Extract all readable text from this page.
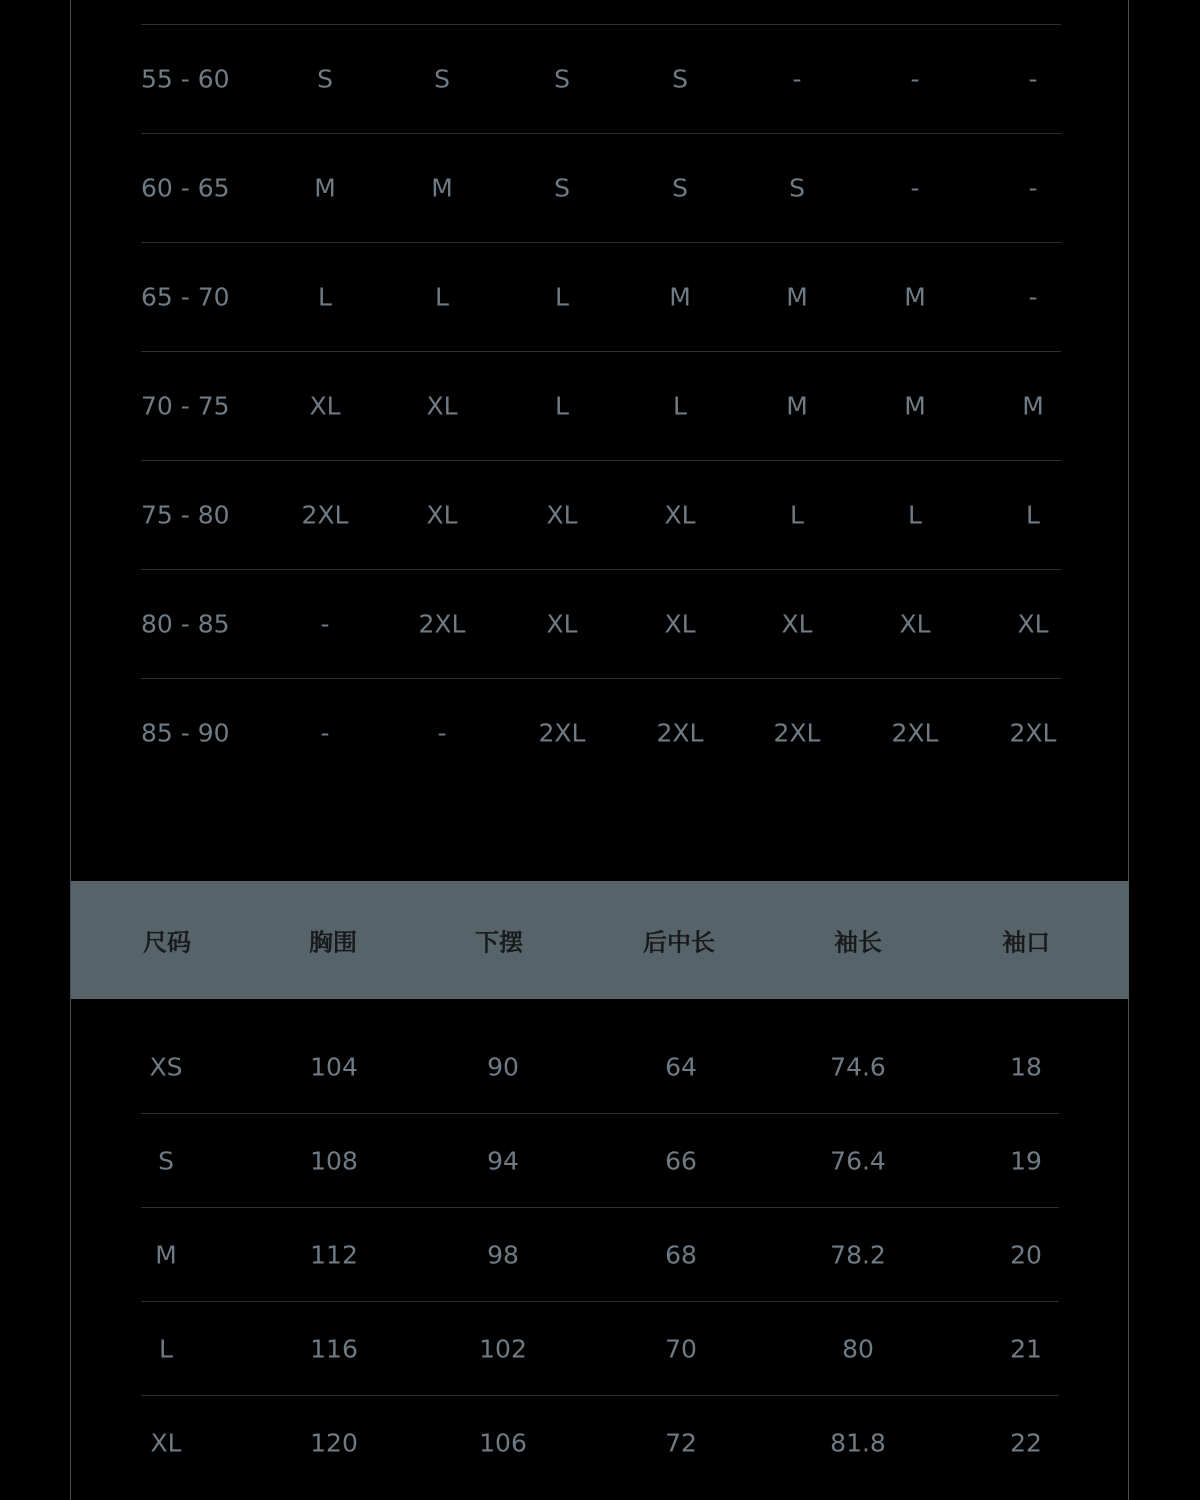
55 - 60	S	S	S	S	-	-	-
60 - 65	M	M	S	S	S	-	-
65 - 70	L	L	L	M	M	M	-
70 - 75	XL	XL	L	L	M	M	M
75 - 80	2XL	XL	XL	XL	L	L	L
80 - 85	-	2XL	XL	XL	XL	XL	XL
85 - 90	-	-	2XL	2XL	2XL	2XL	2XL
尺码	胸围	下摆	后中长	袖长	袖口
XS	104	90	64	74.6	18
S	108	94	66	76.4	19
M	112	98	68	78.2	20
L	116	102	70	80	21
XL	120	106	72	81.8	22
